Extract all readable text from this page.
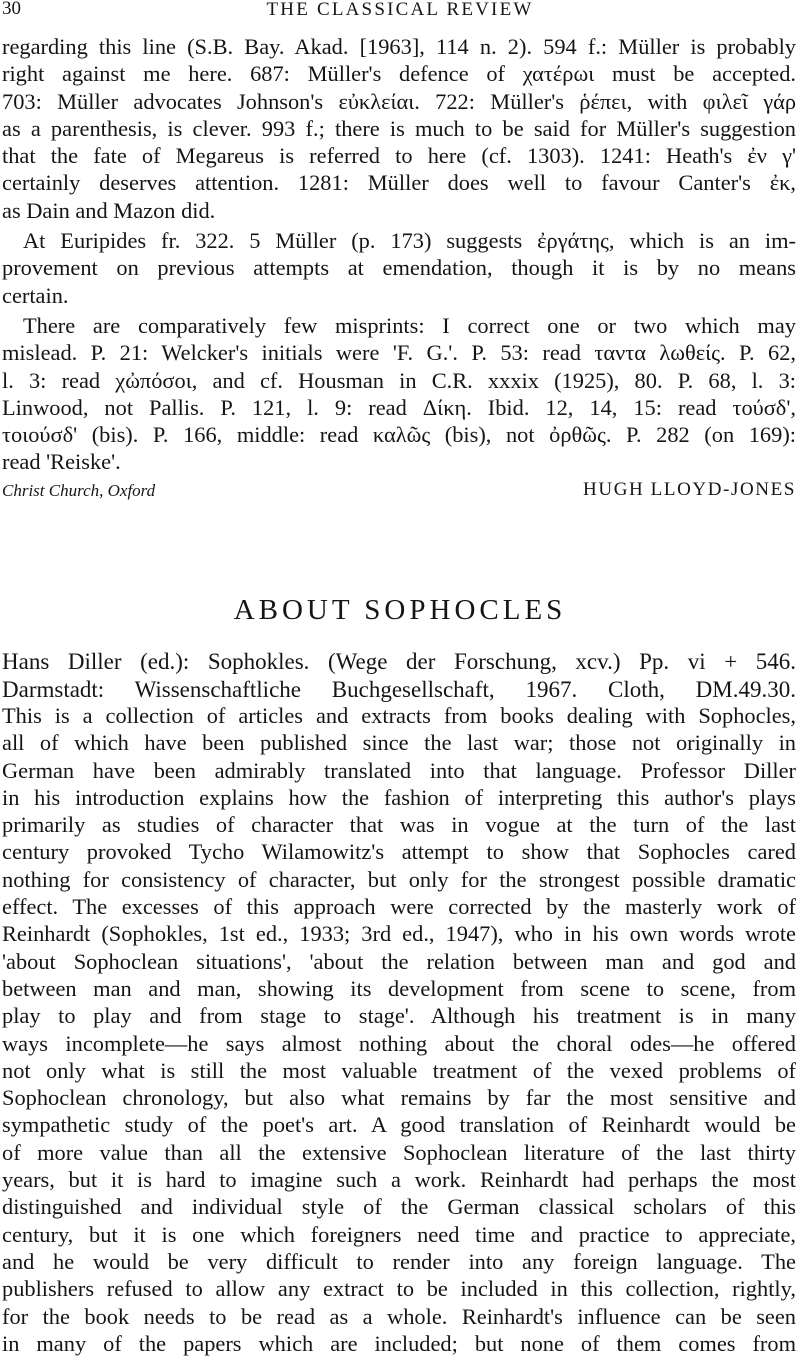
30	THE CLASSICAL REVIEW
regarding this line (S.B. Bay. Akad. [1963], 114 n. 2). 594 f.: Müller is probably
right against me here. 687: Müller's defence of χατέρωι must be accepted.
703: Müller advocates Johnson's εὐκλείαι. 722: Müller's ῥέπει, with φιλεῖ γάρ
as a parenthesis, is clever. 993 f.; there is much to be said for Müller's suggestion
that the fate of Megareus is referred to here (cf. 1303). 1241: Heath's ἐν γ'
certainly deserves attention. 1281: Müller does well to favour Canter's ἐκ,
as Dain and Mazon did.
At Euripides fr. 322. 5 Müller (p. 173) suggests ἐργάτης, which is an im-
provement on previous attempts at emendation, though it is by no means
certain.
There are comparatively few misprints: I correct one or two which may
mislead. P. 21: Welcker's initials were 'F. G.'. P. 53: read ταντα λωθείς. P. 62,
l. 3: read χὠπόσοι, and cf. Housman in C.R. xxxix (1925), 80. P. 68, l. 3:
Linwood, not Pallis. P. 121, l. 9: read Δίκη. Ibid. 12, 14, 15: read τούσδ',
τοιούσδ' (bis). P. 166, middle: read καλῶς (bis), not ὀρθῶς. P. 282 (on 169):
read 'Reiske'.
Christ Church, Oxford	HUGH LLOYD-JONES
ABOUT SOPHOCLES
Hans Diller (ed.): Sophokles. (Wege der Forschung, xcv.) Pp. vi + 546.
Darmstadt: Wissenschaftliche Buchgesellschaft, 1967. Cloth, DM.49.30.
This is a collection of articles and extracts from books dealing with Sophocles,
all of which have been published since the last war; those not originally in
German have been admirably translated into that language. Professor Diller
in his introduction explains how the fashion of interpreting this author's plays
primarily as studies of character that was in vogue at the turn of the last
century provoked Tycho Wilamowitz's attempt to show that Sophocles cared
nothing for consistency of character, but only for the strongest possible dramatic
effect. The excesses of this approach were corrected by the masterly work of
Reinhardt (Sophokles, 1st ed., 1933; 3rd ed., 1947), who in his own words wrote
'about Sophoclean situations', 'about the relation between man and god and
between man and man, showing its development from scene to scene, from
play to play and from stage to stage'. Although his treatment is in many
ways incomplete—he says almost nothing about the choral odes—he offered
not only what is still the most valuable treatment of the vexed problems of
Sophoclean chronology, but also what remains by far the most sensitive and
sympathetic study of the poet's art. A good translation of Reinhardt would be
of more value than all the extensive Sophoclean literature of the last thirty
years, but it is hard to imagine such a work. Reinhardt had perhaps the most
distinguished and individual style of the German classical scholars of this
century, but it is one which foreigners need time and practice to appreciate,
and he would be very difficult to render into any foreign language. The
publishers refused to allow any extract to be included in this collection, rightly,
for the book needs to be read as a whole. Reinhardt's influence can be seen
in many of the papers which are included; but none of them comes from
